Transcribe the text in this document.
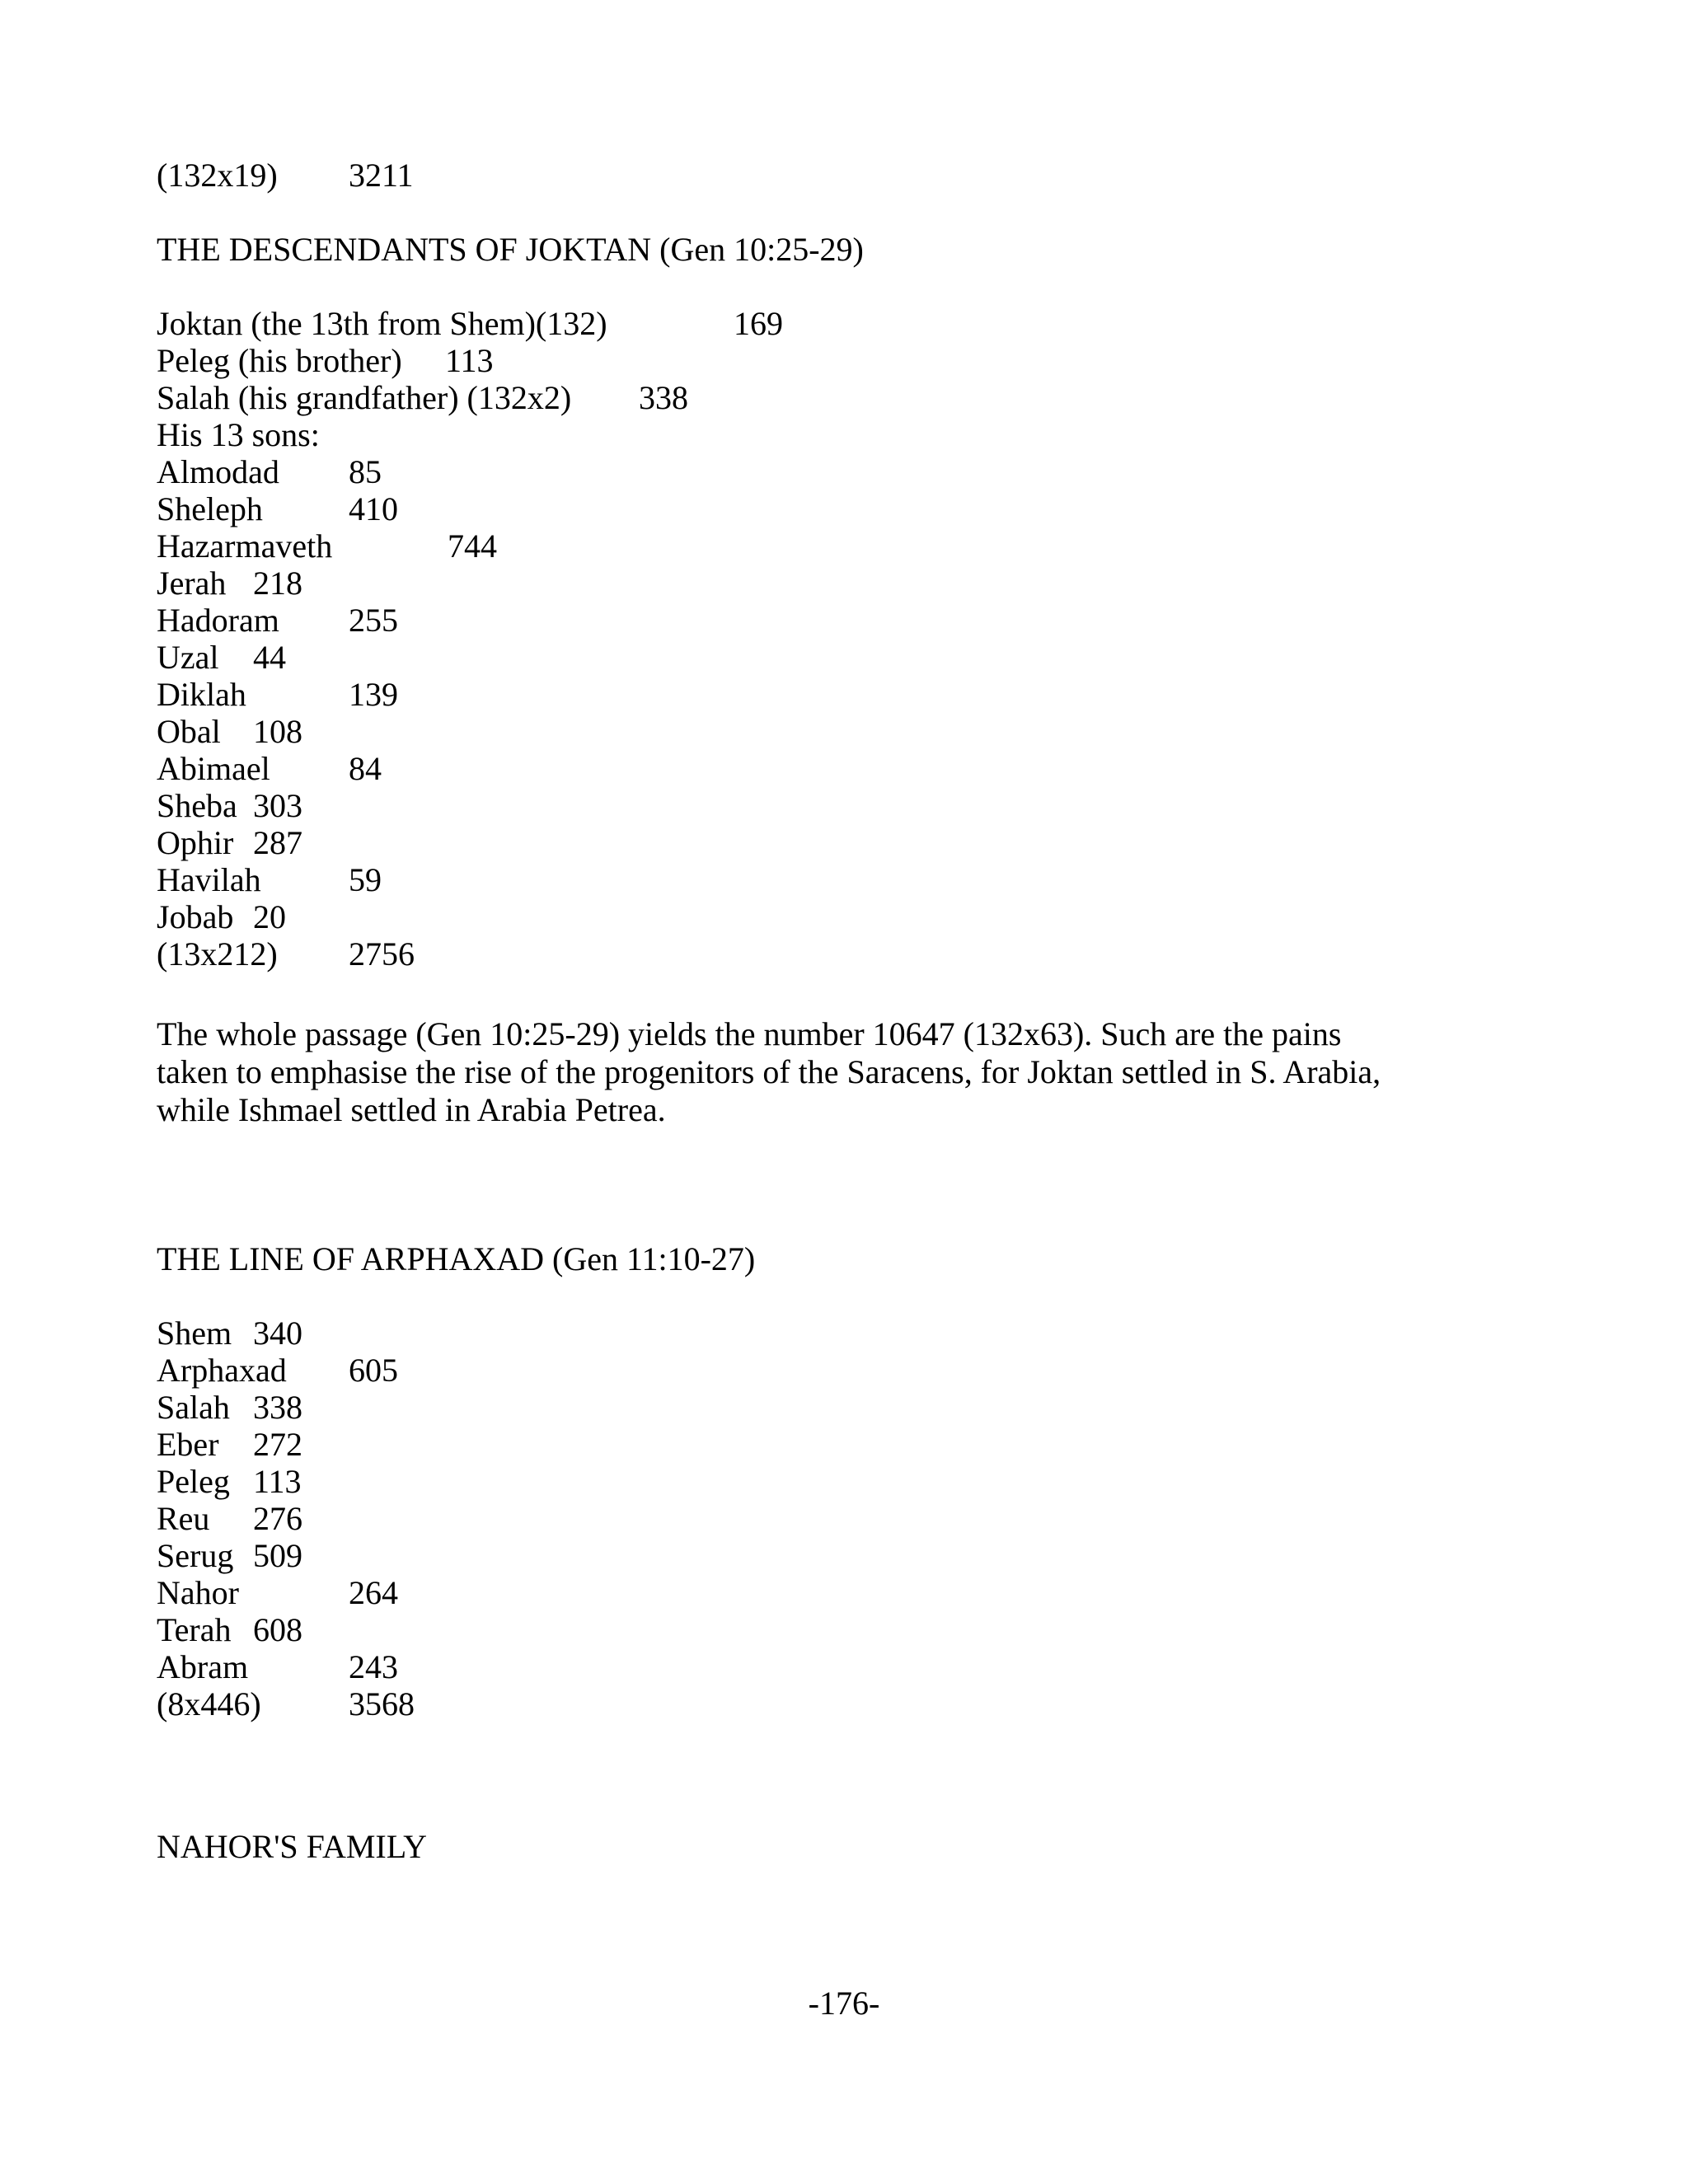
(132x19) 3211
THE DESCENDANTS OF JOKTAN (Gen 10:25-29)
Joktan (the 13th from Shem)(132)	169
Peleg (his brother) 113
Salah (his grandfather) (132x2) 338
His 13 sons:
Almodad 85
Sheleph	410
Hazarmaveth	744
Jerah 218
Hadoram 255
Uzal 44
Diklah	139
Obal 108
Abimael 84
Sheba 303
Ophir 287
Havilah	59
Jobab 20
(13x212) 2756
The whole passage (Gen 10:25-29) yields the number 10647 (132x63). Such are the pains
taken to emphasise the rise of the progenitors of the Saracens, for Joktan settled in S. Arabia,
while Ishmael settled in Arabia Petrea.
THE LINE OF ARPHAXAD (Gen 11:10-27)
Shem 340
Arphaxad 605
Salah 338
Eber 272
Peleg 113
Reu 276
Serug 509
Nahor	264
Terah 608
Abram	243
(8x446)	3568
NAHOR'S FAMILY
-176-
